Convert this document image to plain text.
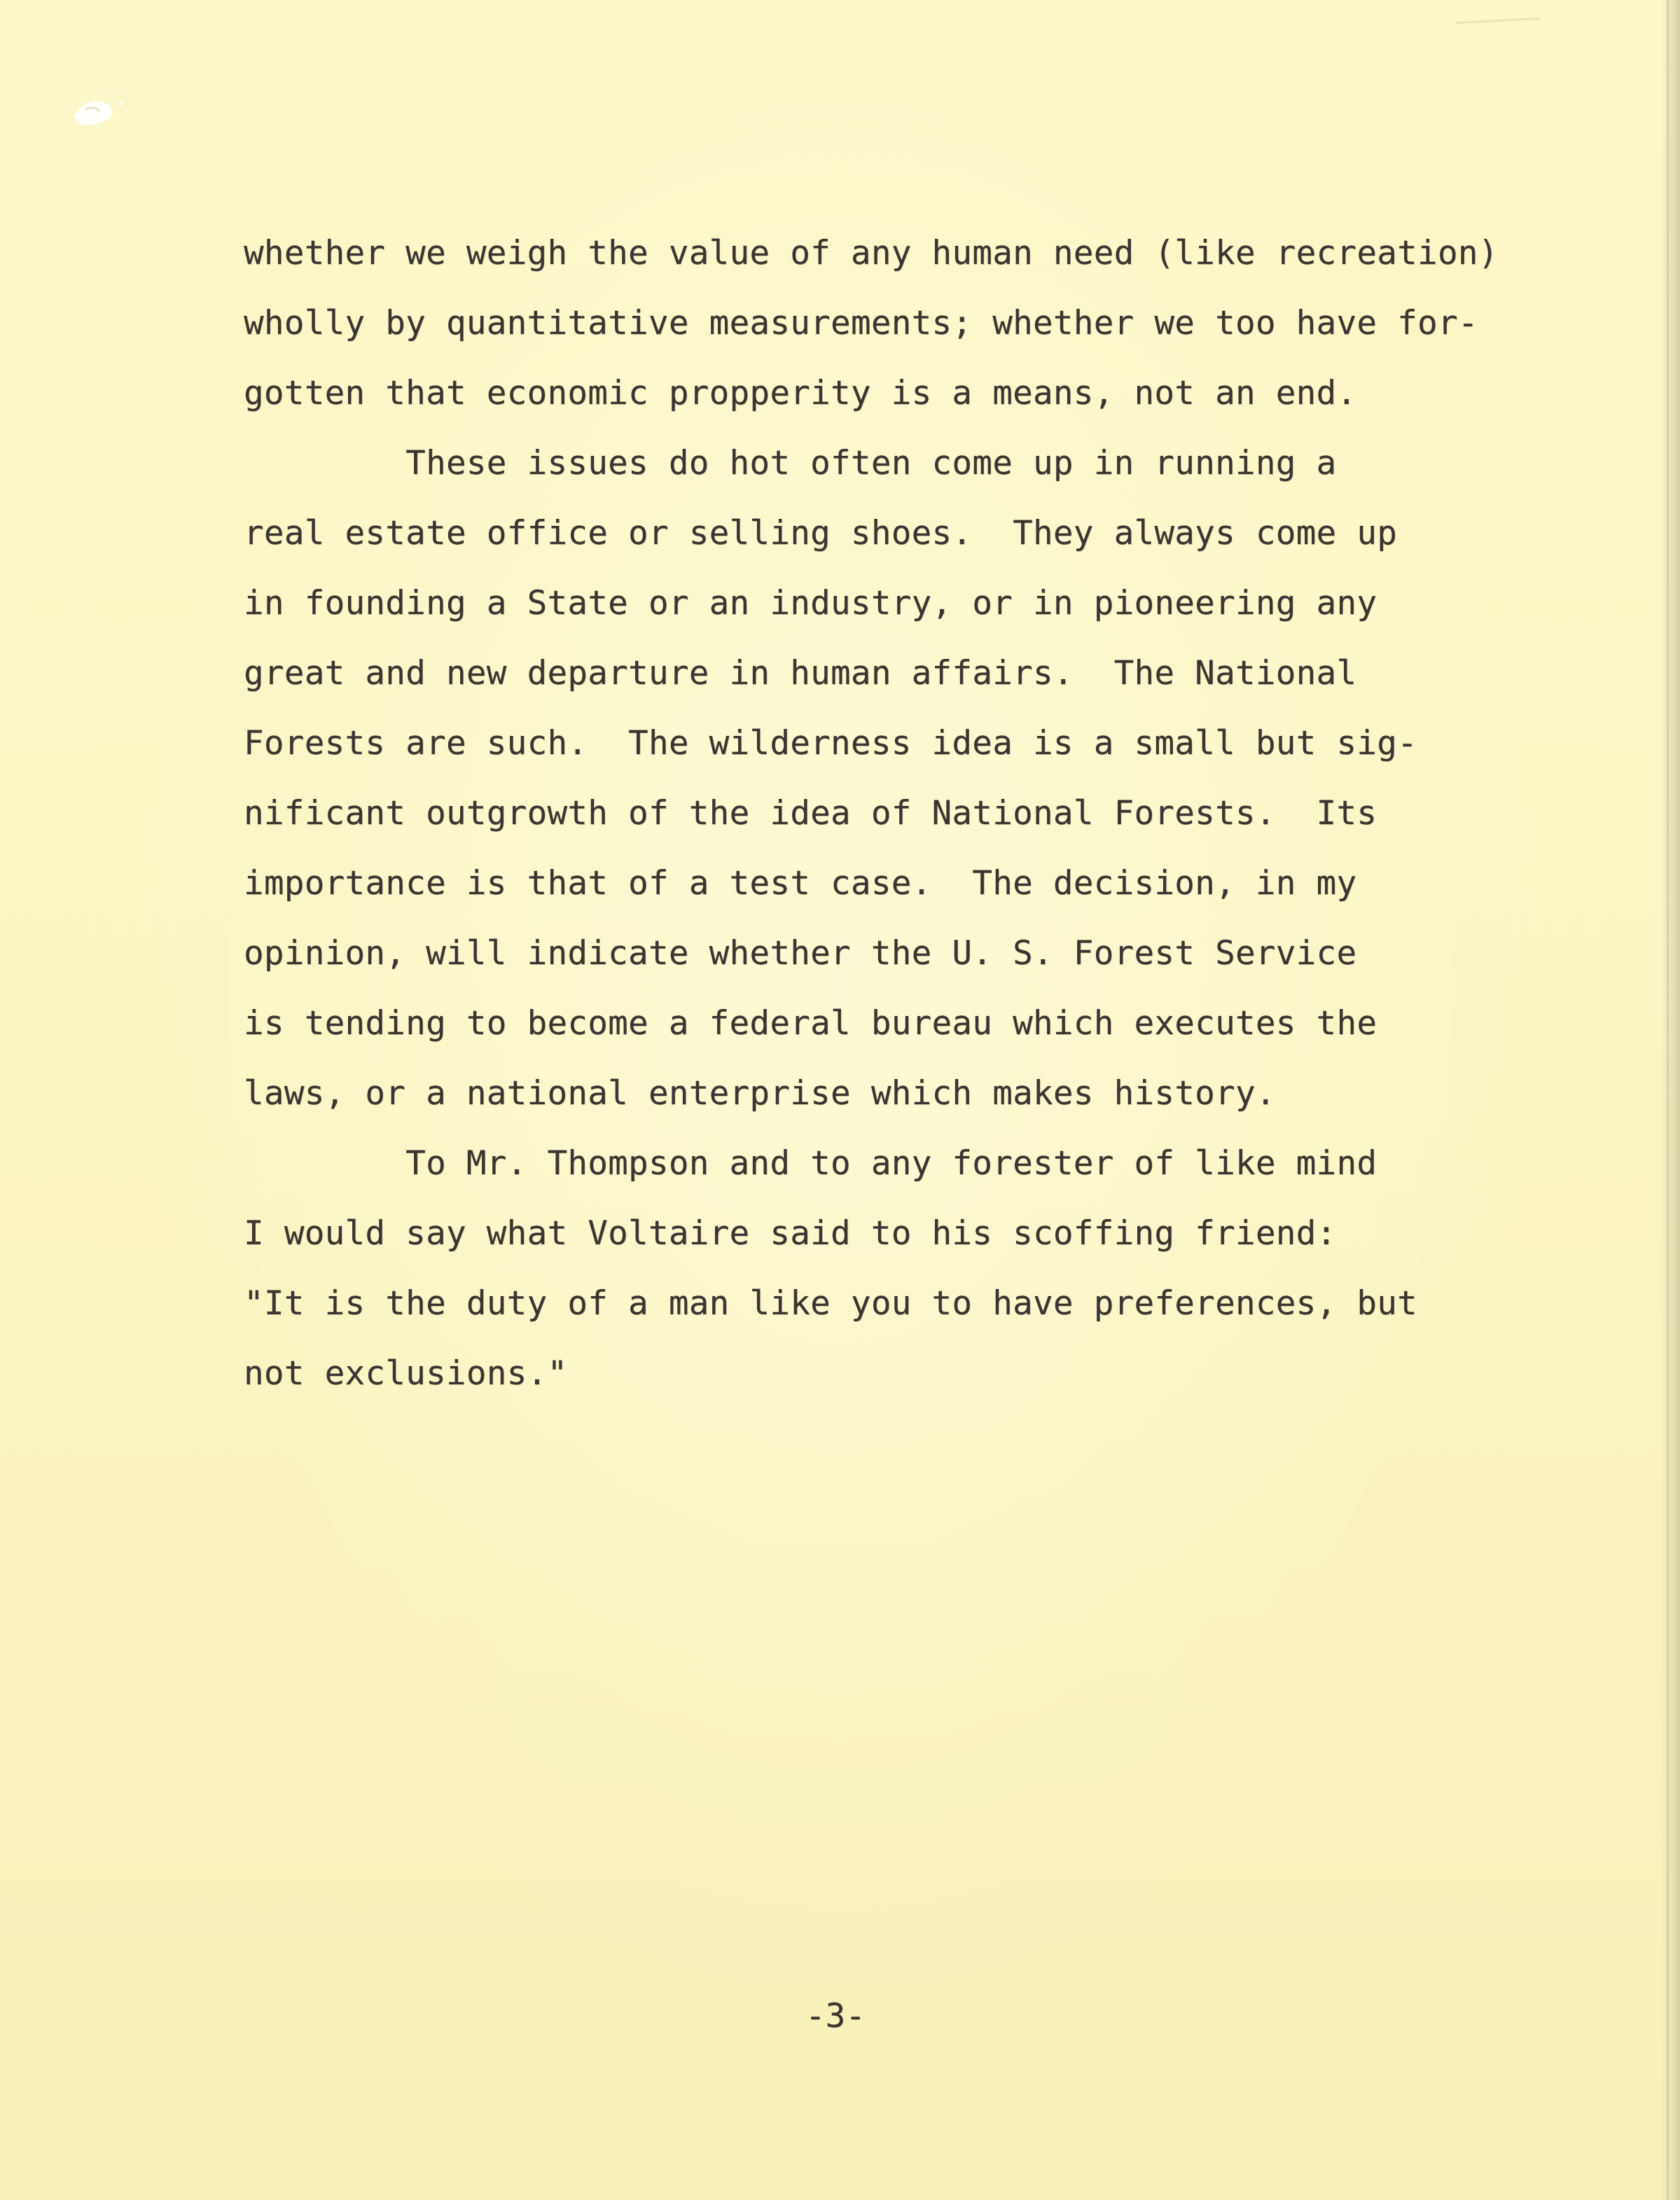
whether we weigh the value of any human need (like recreation)
wholly by quantitative measurements; whether we too have for-
gotten that economic propperity is a means, not an end.
These issues do hot often come up in running a
real estate office or selling shoes.  They always come up
in founding a State or an industry, or in pioneering any
great and new departure in human affairs.  The National
Forests are such.  The wilderness idea is a small but sig-
nificant outgrowth of the idea of National Forests.  Its
importance is that of a test case.  The decision, in my
opinion, will indicate whether the U. S. Forest Service
is tending to become a federal bureau which executes the
laws, or a national enterprise which makes history.
To Mr. Thompson and to any forester of like mind
I would say what Voltaire said to his scoffing friend:
"It is the duty of a man like you to have preferences, but
not exclusions."
-3-
